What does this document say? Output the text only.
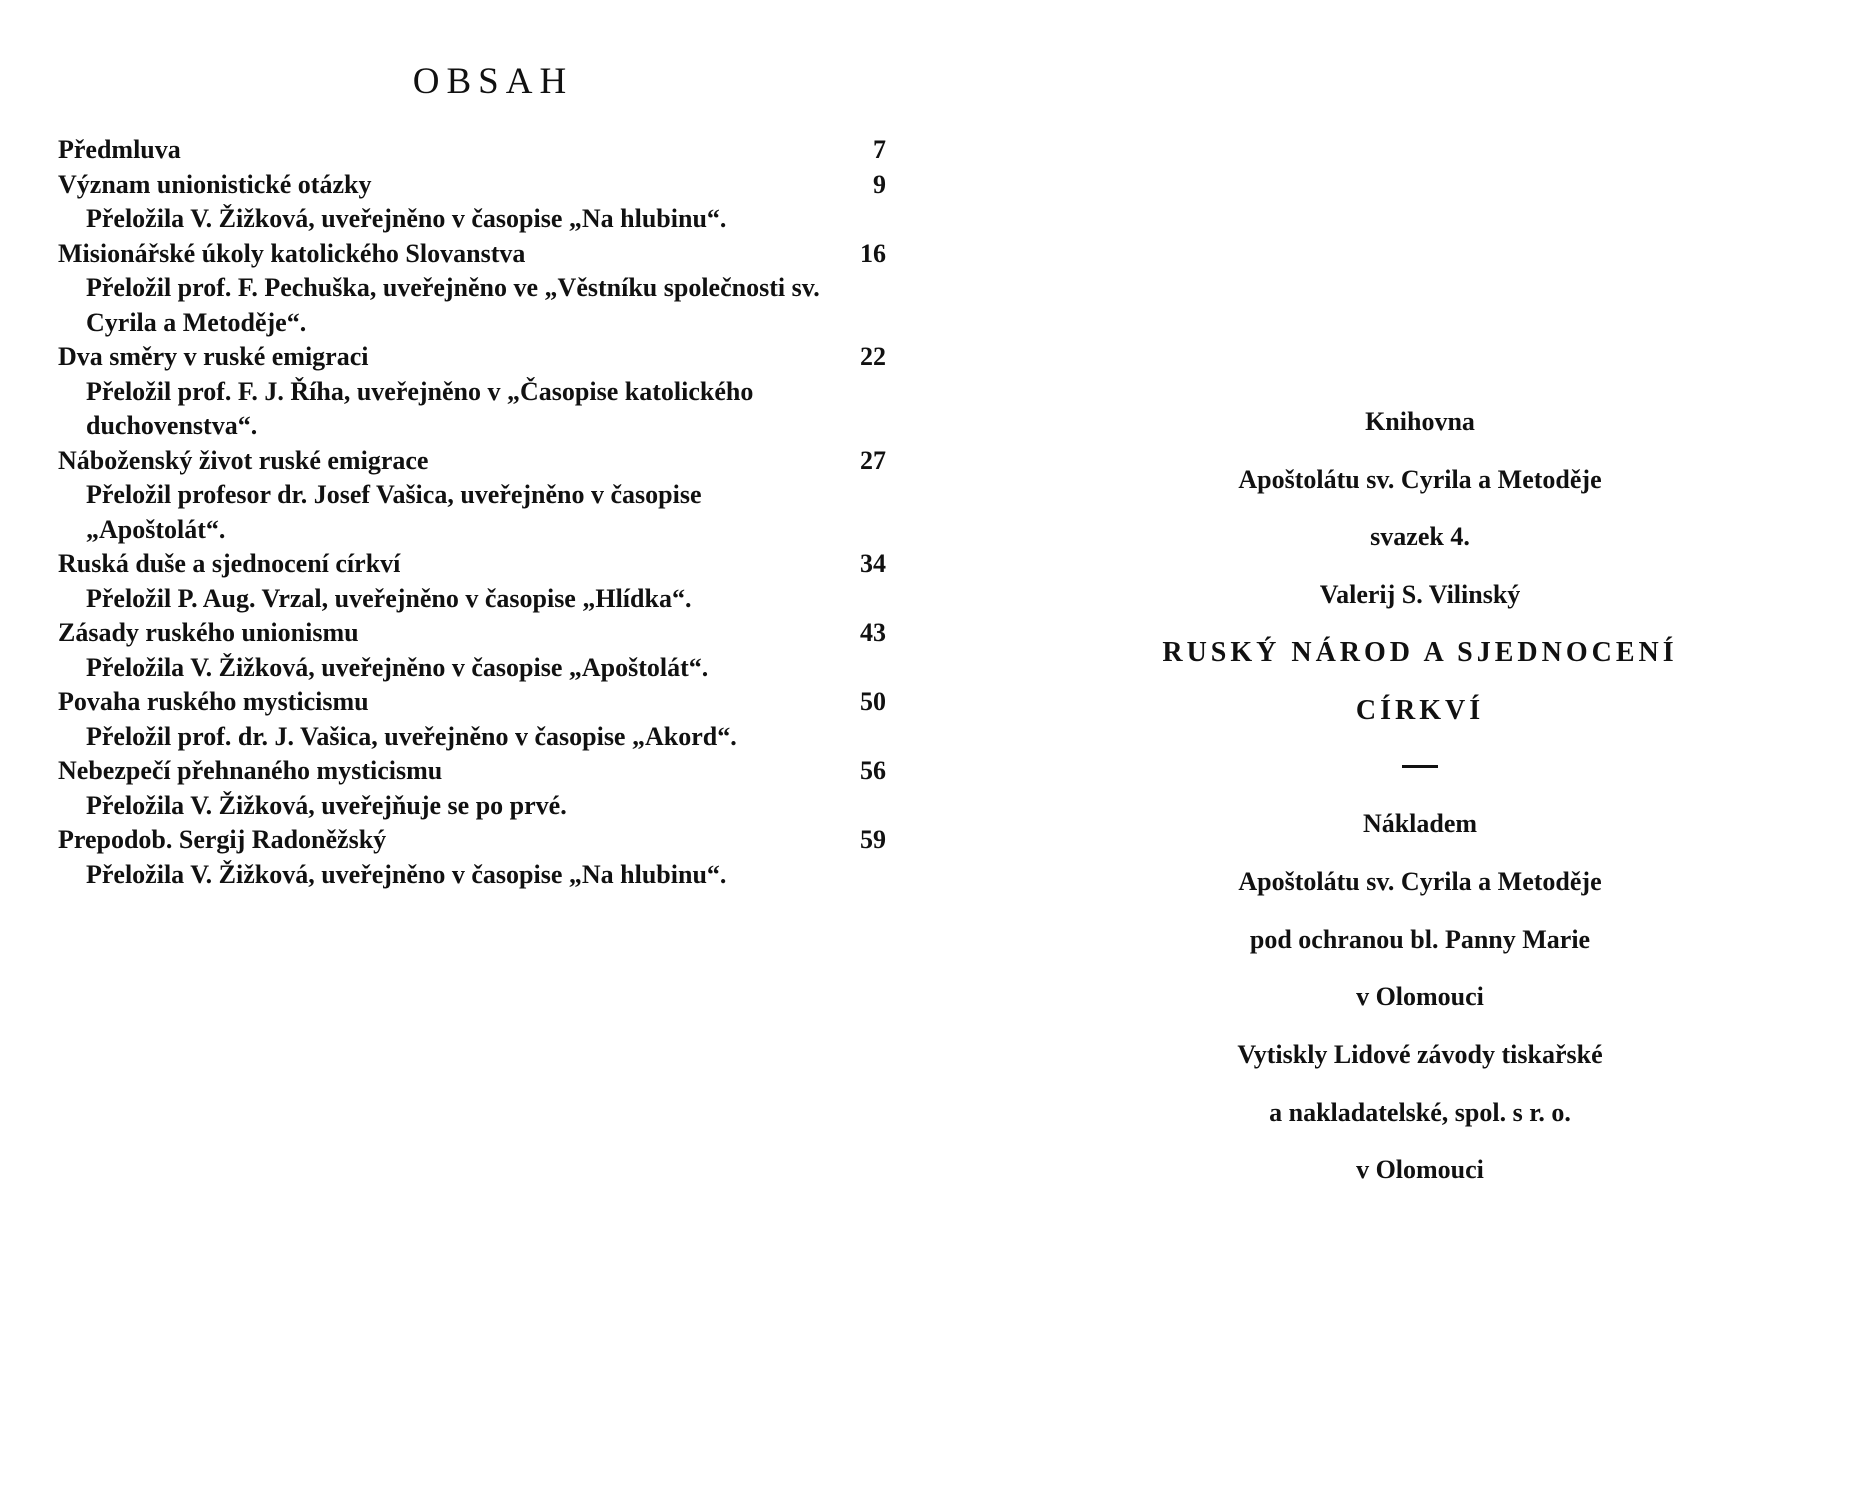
OBSAH
Předmluva	7
Význam unionistické otázky	9
Přeložila V. Žižková, uveřejněno v časopise „Na hlubinu“.
Misionářské úkoly katolického Slovanstva	16
Přeložil prof. F. Pechuška, uveřejněno ve „Věstníku společnosti sv. Cyrila a Metoděje“.
Dva směry v ruské emigraci	22
Přeložil prof. F. J. Říha, uveřejněno v „Časopise katolického duchovenstva“.
Náboženský život ruské emigrace	27
Přeložil profesor dr. Josef Vašica, uveřejněno v časopise „Apoštolát“.
Ruská duše a sjednocení církví	34
Přeložil P. Aug. Vrzal, uveřejněno v časopise „Hlídka“.
Zásady ruského unionismu	43
Přeložila V. Žižková, uveřejněno v časopise „Apoštolát“.
Povaha ruského mysticismu	50
Přeložil prof. dr. J. Vašica, uveřejněno v časopise „Akord“.
Nebezpečí přehnaného mysticismu	56
Přeložila V. Žižková, uveřejňuje se po prvé.
Prepodob. Sergij Radoněžský	59
Přeložila V. Žižková, uveřejněno v časopise „Na hlubinu“.

Knihovna

Apoštolátu sv. Cyrila a Metoděje

svazek 4.

Valerij S. Vilinský

RUSKÝ NÁROD A SJEDNOCENÍ

CÍRKVÍ

Nákladem

Apoštolátu sv. Cyrila a Metoděje

pod ochranou bl. Panny Marie

v Olomouci

Vytiskly Lidové závody tiskařské

a nakladatelské, spol. s r. o.

v Olomouci
